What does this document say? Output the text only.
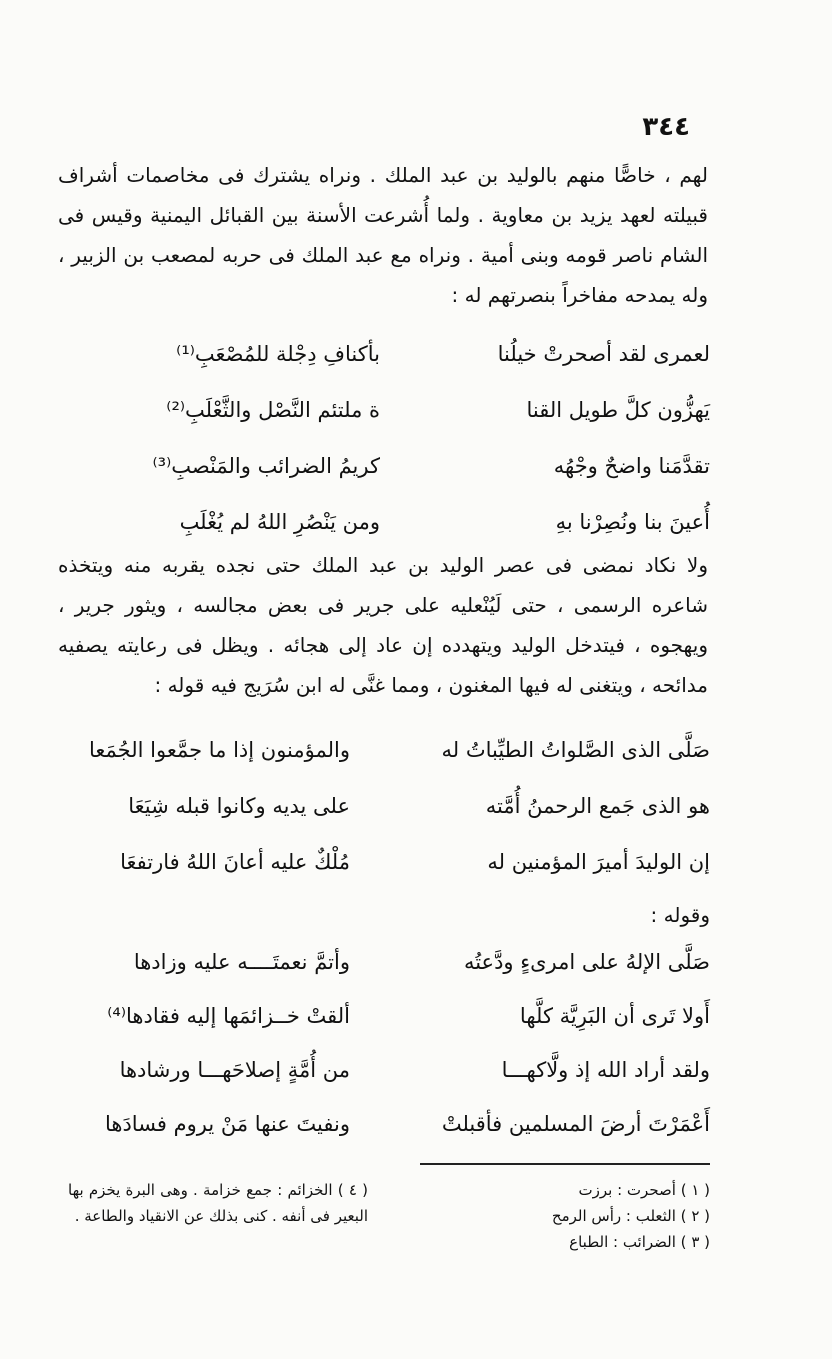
٣٤٤

لهم ، خاصًّا منهم بالوليد بن عبد الملك . ونراه يشترك فى مخاصمات أشراف قبيلته لعهد يزيد بن معاوية . ولما أُشرعت الأسنة بين القبائل اليمنية وقيس فى الشام ناصر قومه وبنى أمية . ونراه مع عبد الملك فى حربه لمصعب بن الزبير ، وله يمدحه مفاخراً بنصرتهم له :

لعمرى لقد أصحرتْ خيلُنا
بأكنافِ دِجْلة للمُصْعَبِ⁽¹⁾
يَهزُّون كلَّ طويل القنا
ة ملتئم النَّصْل والثَّعْلَبِ⁽²⁾
تقدَّمَنا واضحٌ وجْهُه
كريمُ الضرائب والمَنْصبِ⁽³⁾
أُعينَ بنا ونُصِرْنا بهِ
ومن يَنْصُرِ اللهُ لم يُغْلَبِ

ولا نكاد نمضى فى عصر الوليد بن عبد الملك حتى نجده يقربه منه ويتخذه شاعره الرسمى ، حتى لَيُنْعليه على جرير فى بعض مجالسه ، ويثور جرير ، ويهجوه ، فيتدخل الوليد ويتهدده إن عاد إلى هجائه . ويظل فى رعايته يصفيه مدائحه ، ويتغنى له فيها المغنون ، ومما غنَّى له ابن سُرَيج فيه قوله :

صَلَّى الذى الصَّلواتُ الطيِّباتُ له
والمؤمنون إذا ما جمَّعوا الجُمَعا
هو الذى جَمع الرحمنُ أُمَّته
على يديه وكانوا قبله شِيَعَا
إن الوليدَ أميرَ المؤمنين له
مُلْكٌ عليه أعانَ اللهُ فارتفعَا
وقوله :
صَلَّى الإلهُ على امرىءٍ ودَّعتُه
وأتمَّ نعمتَــــه عليه وزادها
أَولا تَرى أن البَرِيَّة كلَّها
ألقتْ خــزائمَها إليه فقادها⁽⁴⁾
ولقد أراد الله إذ ولَّاكهـــا
من أُمَّةٍ إصلاحَهـــا ورشادها
أَعْمَرْتَ أرضَ المسلمين فأقبلتْ
ونفيتَ عنها مَنْ يروم فسادَها

( ١ ) أصحرت : برزت

( ٢ ) الثعلب : رأس الرمح

( ٣ ) الضرائب : الطباع

( ٤ ) الخزائم : جمع خزامة . وهى البرة يخزم بها البعير فى أنفه . كنى بذلك عن الانقياد والطاعة .
